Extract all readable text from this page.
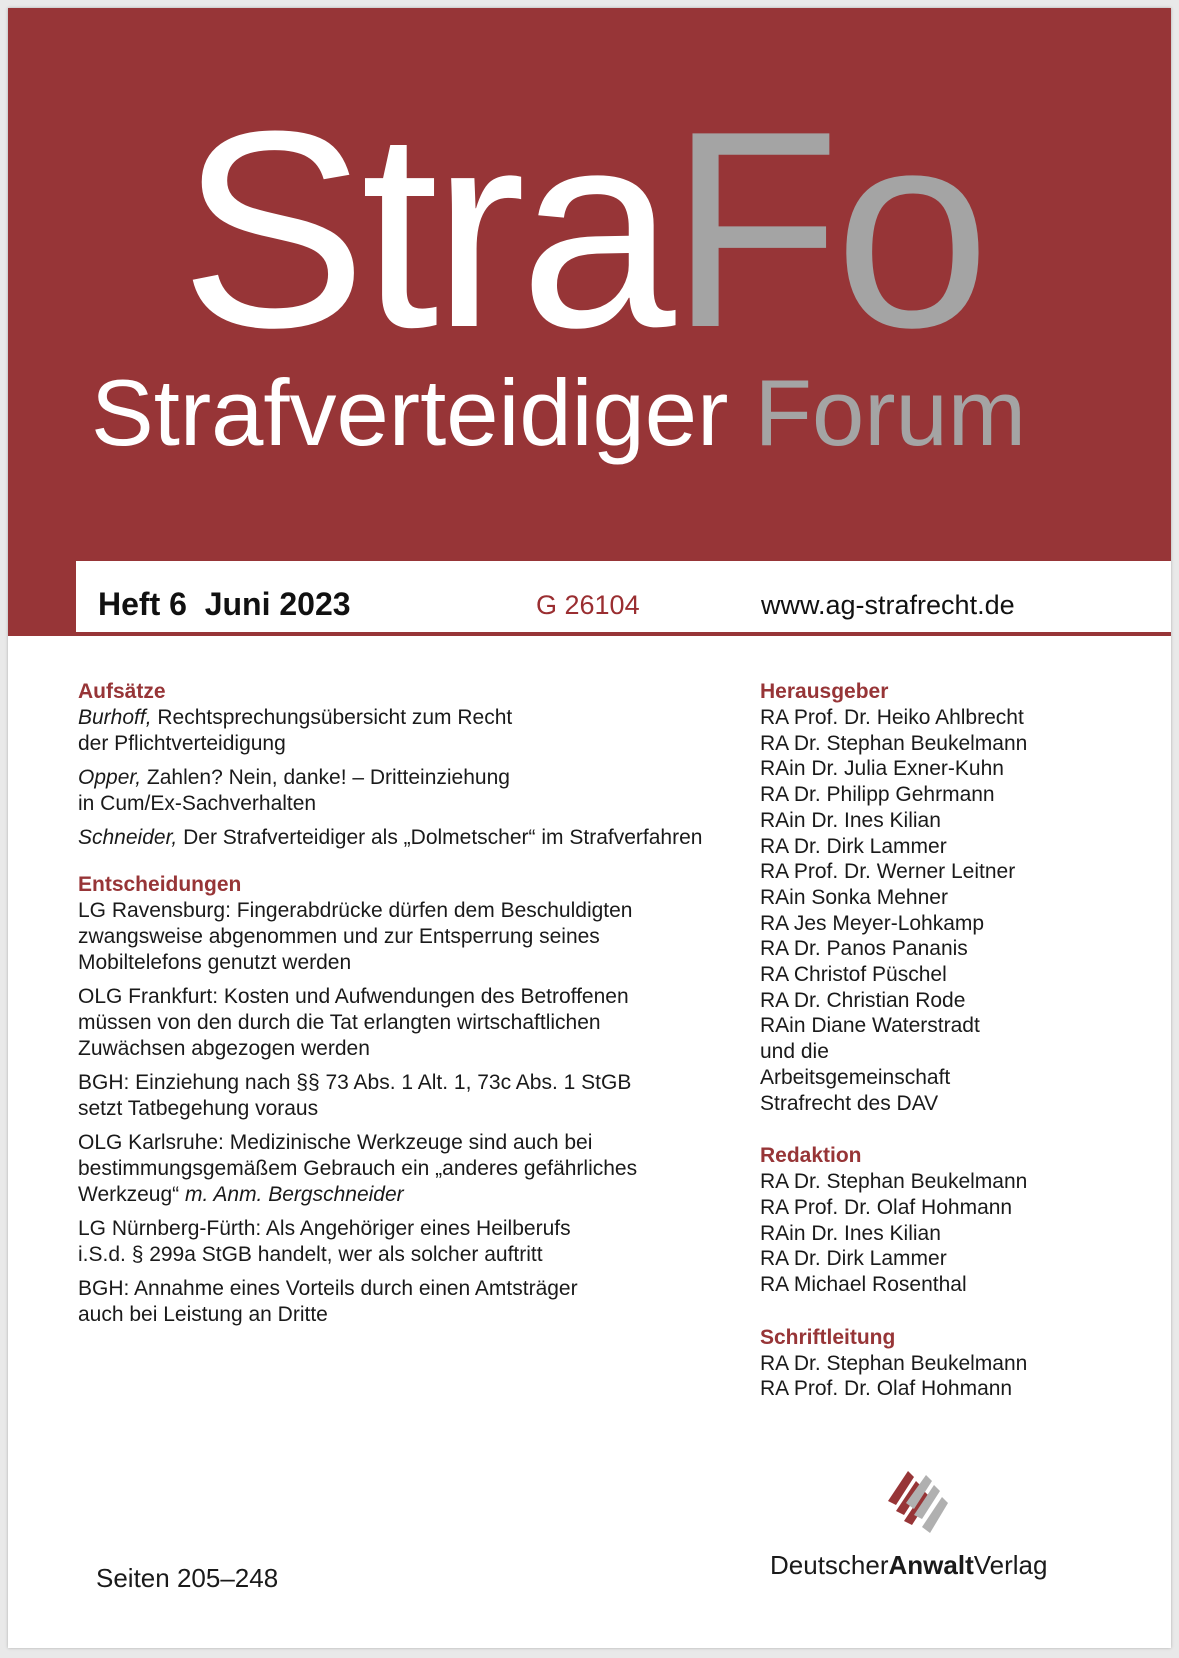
StraFo
Strafverteidiger Forum
Heft 6  Juni 2023	G 26104	www.ag-strafrecht.de
Aufsätze
Burhoff, Rechtsprechungsübersicht zum Recht
der Pflichtverteidigung
Opper, Zahlen? Nein, danke! – Dritteinziehung
in Cum/Ex-Sachverhalten
Schneider, Der Strafverteidiger als „Dolmetscher“ im Strafverfahren
Entscheidungen
LG Ravensburg: Fingerabdrücke dürfen dem Beschuldigten
zwangsweise abgenommen und zur Entsperrung seines
Mobiltelefons genutzt werden
OLG Frankfurt: Kosten und Aufwendungen des Betroffenen
müssen von den durch die Tat erlangten wirtschaftlichen
Zuwächsen abgezogen werden
BGH: Einziehung nach §§ 73 Abs. 1 Alt. 1, 73c Abs. 1 StGB
setzt Tatbegehung voraus
OLG Karlsruhe: Medizinische Werkzeuge sind auch bei
bestimmungsgemäßem Gebrauch ein „anderes gefährliches
Werkzeug“ m. Anm. Bergschneider
LG Nürnberg-Fürth: Als Angehöriger eines Heilberufs
i.S.d. § 299a StGB handelt, wer als solcher auftritt
BGH: Annahme eines Vorteils durch einen Amtsträger
auch bei Leistung an Dritte
Herausgeber
RA Prof. Dr. Heiko Ahlbrecht
RA Dr. Stephan Beukelmann
RAin Dr. Julia Exner-Kuhn
RA Dr. Philipp Gehrmann
RAin Dr. Ines Kilian
RA Dr. Dirk Lammer
RA Prof. Dr. Werner Leitner
RAin Sonka Mehner
RA Jes Meyer-Lohkamp
RA Dr. Panos Pananis
RA Christof Püschel
RA Dr. Christian Rode
RAin Diane Waterstradt
und die
Arbeitsgemeinschaft
Strafrecht des DAV
Redaktion
RA Dr. Stephan Beukelmann
RA Prof. Dr. Olaf Hohmann
RAin Dr. Ines Kilian
RA Dr. Dirk Lammer
RA Michael Rosenthal
Schriftleitung
RA Dr. Stephan Beukelmann
RA Prof. Dr. Olaf Hohmann
Seiten 205–248	DeutscherAnwaltVerlag
